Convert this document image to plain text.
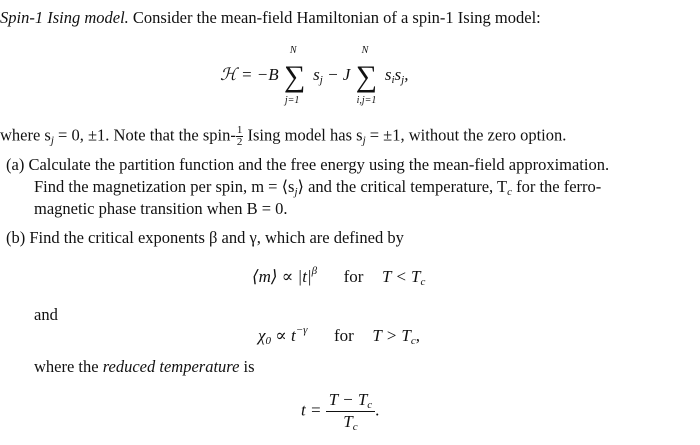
Spin-1 Ising model. Consider the mean-field Hamiltonian of a spin-1 Ising model:
ℋ = −B ∑
N
j=1
$s_j - J$ ∑
N
i,j=1
$s_is_j$,
where $s_j = 0$, ±1. Note that the spin- $\frac{1}{2}$ Ising model has $s_j = \pm 1$, without the zero option.
(a) Calculate the partition function and the free energy using the mean-field approximation.
Find the magnetization per spin, $m = ⟨s_j⟩$ and the critical temperature, $T_c$ for the ferro-
magnetic phase transition when B = 0.
(b) Find the critical exponents β and γ, which are defined by
⟨m⟩ ∝ $|t|^\beta$ for $T < T_c$
and
$\chi_0 \propto t^{-\gamma}$ for $T > T_c$,
where the reduced temperature is
$t = \frac{T - T_c}{T_c}$ .
